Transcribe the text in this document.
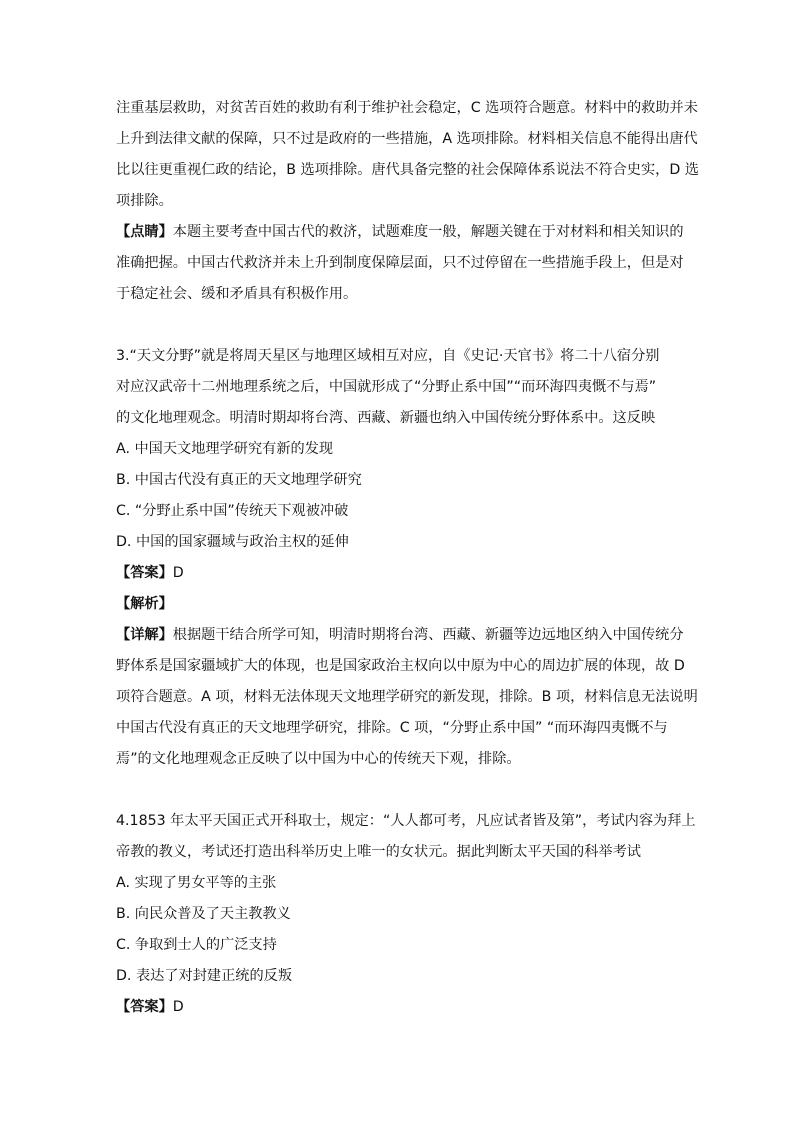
注重基层救助，对贫苦百姓的救助有利于维护社会稳定，C 选项符合题意。材料中的救助并未
上升到法律文献的保障，只不过是政府的一些措施，A 选项排除。材料相关信息不能得出唐代
比以往更重视仁政的结论，B 选项排除。唐代具备完整的社会保障体系说法不符合史实，D 选
项排除。
【点睛】本题主要考查中国古代的救济，试题难度一般，解题关键在于对材料和相关知识的
准确把握。中国古代救济并未上升到制度保障层面，只不过停留在一些措施手段上，但是对
于稳定社会、缓和矛盾具有积极作用。
3.“天文分野”就是将周天星区与地理区域相互对应，自《史记·天官书》将二十八宿分别
对应汉武帝十二州地理系统之后，中国就形成了“分野止系中国”“而环海四夷慨不与焉”
的文化地理观念。明清时期却将台湾、西藏、新疆也纳入中国传统分野体系中。这反映
A. 中国天文地理学研究有新的发现
B. 中国古代没有真正的天文地理学研究
C. “分野止系中国”传统天下观被冲破
D. 中国的国家疆域与政治主权的延伸
【答案】D
【解析】
【详解】根据题干结合所学可知，明清时期将台湾、西藏、新疆等边远地区纳入中国传统分
野体系是国家疆域扩大的体现，也是国家政治主权向以中原为中心的周边扩展的体现，故 D
项符合题意。A 项，材料无法体现天文地理学研究的新发现，排除。B 项，材料信息无法说明
中国古代没有真正的天文地理学研究，排除。C 项，“分野止系中国” “而环海四夷慨不与
焉”的文化地理观念正反映了以中国为中心的传统天下观，排除。
4.1853 年太平天国正式开科取士，规定：“人人都可考，凡应试者皆及第”，考试内容为拜上
帝教的教义，考试还打造出科举历史上唯一的女状元。据此判断太平天国的科举考试
A. 实现了男女平等的主张
B. 向民众普及了天主教教义
C. 争取到士人的广泛支持
D. 表达了对封建正统的反叛
【答案】D
